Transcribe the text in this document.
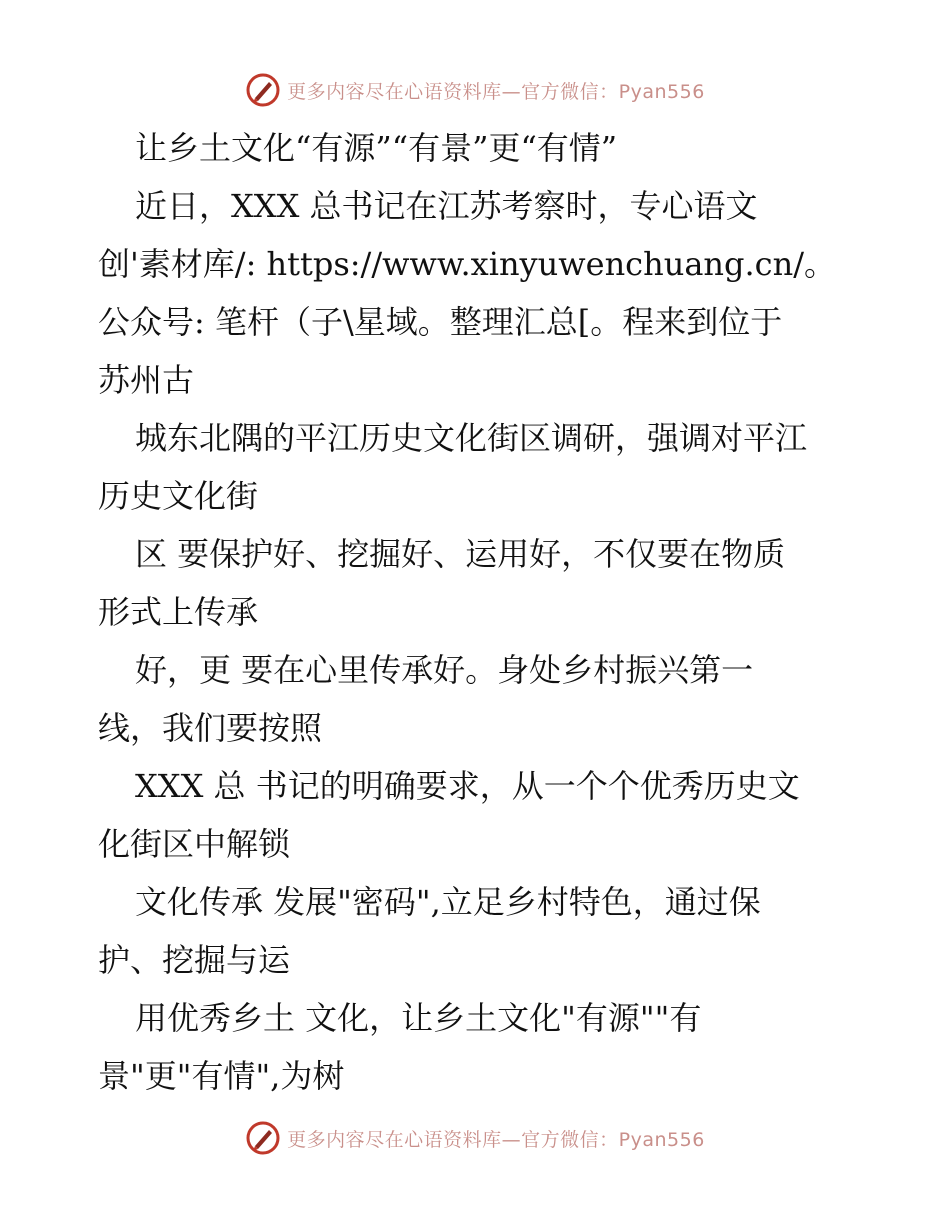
更多内容尽在心语资料库—官方微信：Pyan556
让乡土文化“有源”“有景”更“有情”
近日，XXX 总书记在江苏考察时，专心语文
创'素材库/: https://www.xinyuwenchuang.cn/。
公众号: 笔杆（子\星域。整理汇总[。程来到位于
苏州古
城东北隅的平江历史文化街区调研，强调对平江
历史文化街
区 要保护好、挖掘好、运用好，不仅要在物质
形式上传承
好，更 要在心里传承好。身处乡村振兴第一
线，我们要按照
XXX 总 书记的明确要求，从一个个优秀历史文
化街区中解锁
文化传承 发展"密码",立足乡村特色，通过保
护、挖掘与运
用优秀乡土 文化，让乡土文化"有源""有
景"更"有情",为树
更多内容尽在心语资料库—官方微信：Pyan556
